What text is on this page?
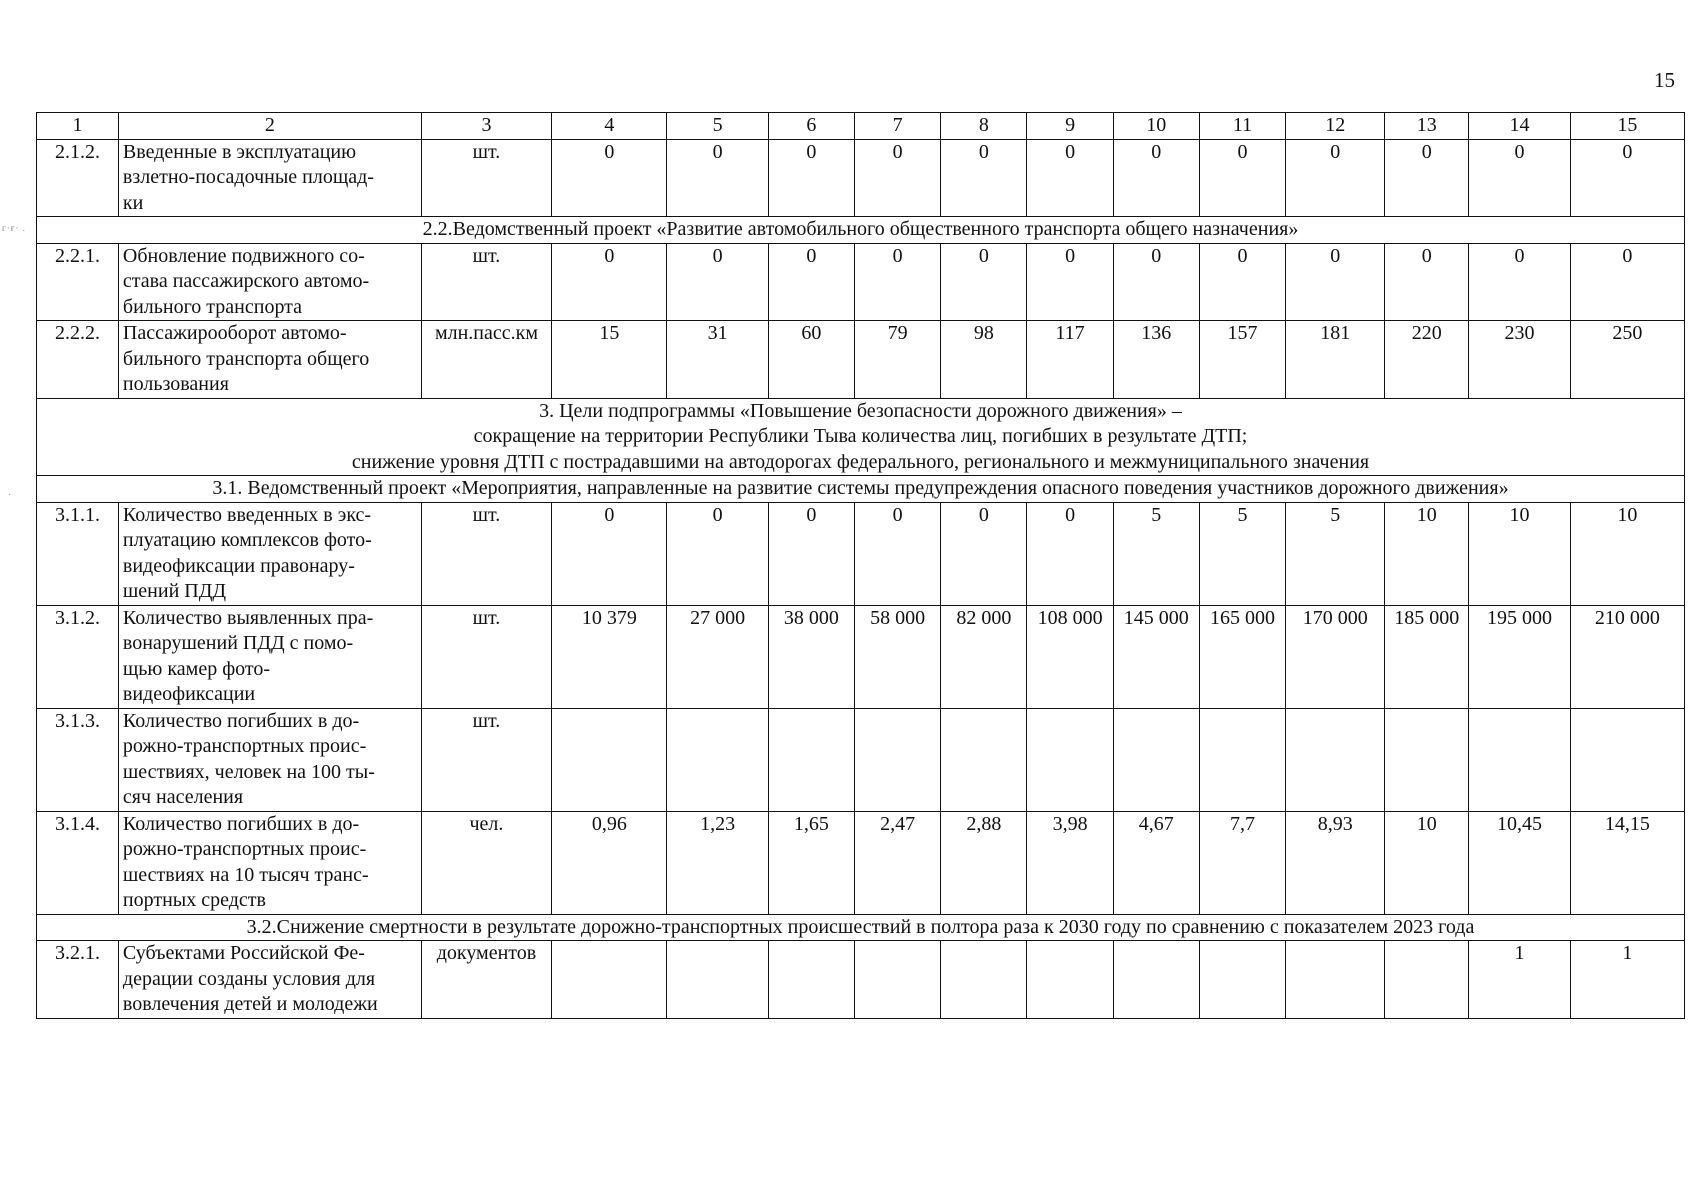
15
г·ғ· .
·
1	2	3	4	5	6	7	8	9	10	11	12	13	14	15
2.1.2.	Введенные в эксплуатацию
взлетно-посадочные площад-
ки	шт.	0	0	0	0	0	0	0	0	0	0	0	0

2.2.Ведомственный проект «Развитие автомобильного общественного транспорта общего назначения»														

2.2.1.	Обновление подвижного со-
става пассажирского автомо-
бильного транспорта	шт.	0	0	0	0	0	0	0	0	0	0	0	0
2.2.2.	Пассажирооборот автомо-
бильного транспорта общего
пользования	млн.пасс.км	15	31	60	79	98	117	136	157	181	220	230	250

3. Цели подпрограммы «Повышение безопасности дорожного движения» –
сокращение на территории Республики Тыва количества лиц, погибших в результате ДТП;
снижение уровня ДТП с пострадавшими на автодорогах федерального, регионального и межмуниципального значения														

3.1. Ведомственный проект «Мероприятия, направленные на развитие системы предупреждения опасного поведения участников дорожного движения»														

3.1.1.	Количество введенных в экс-
плуатацию комплексов фото-
видеофиксации правонару-
шений ПДД	шт.	0	0	0	0	0	0	5	5	5	10	10	10
3.1.2.	Количество выявленных пра-
вонарушений ПДД с помо-
щью камер фото-
видеофиксации	шт.	10 379	27 000	38 000	58 000	82 000	108 000	145 000	165 000	170 000	185 000	195 000	210 000
3.1.3.	Количество погибших в до-
рожно-транспортных проис-
шествиях, человек на 100 ты-
сяч населения	шт.												
3.1.4.	Количество погибших в до-
рожно-транспортных проис-
шествиях на 10 тысяч транс-
портных средств	чел.	0,96	1,23	1,65	2,47	2,88	3,98	4,67	7,7	8,93	10	10,45	14,15

3.2.Снижение смертности в результате дорожно-транспортных происшествий в полтора раза к 2030 году по сравнению с показателем 2023 года														

3.2.1.	Субъектами Российской Фе-
дерации созданы условия для
вовлечения детей и молодежи	документов											1	1
